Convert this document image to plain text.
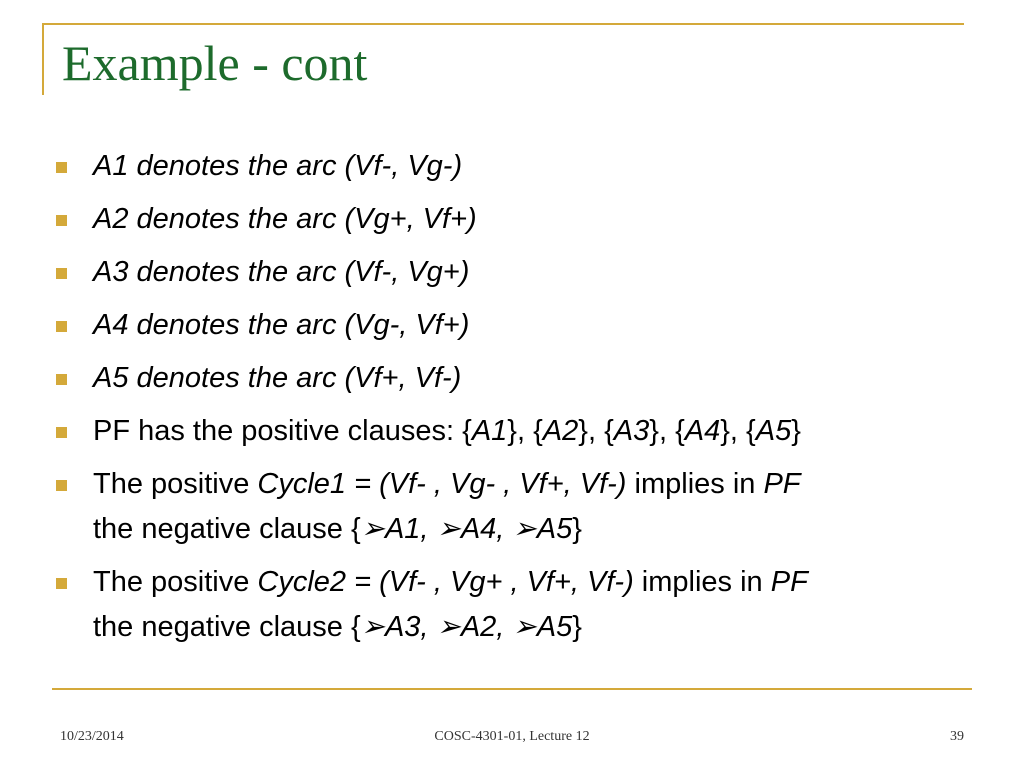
Example - cont
A1 denotes the arc (Vf-, Vg-)
A2 denotes the arc (Vg+, Vf+)
A3 denotes the arc (Vf-, Vg+)
A4 denotes the arc (Vg-, Vf+)
A5 denotes the arc (Vf+, Vf-)
PF has the positive clauses: {A1}, {A2}, {A3}, {A4}, {A5}
The positive Cycle1 = (Vf- , Vg- , Vf+, Vf-) implies in PF
the negative clause {➢A1, ➢A4, ➢A5}
The positive Cycle2 = (Vf- , Vg+ , Vf+, Vf-) implies in PF
the negative clause {➢A3, ➢A2, ➢A5}
10/23/2014	COSC-4301-01, Lecture 12	39
